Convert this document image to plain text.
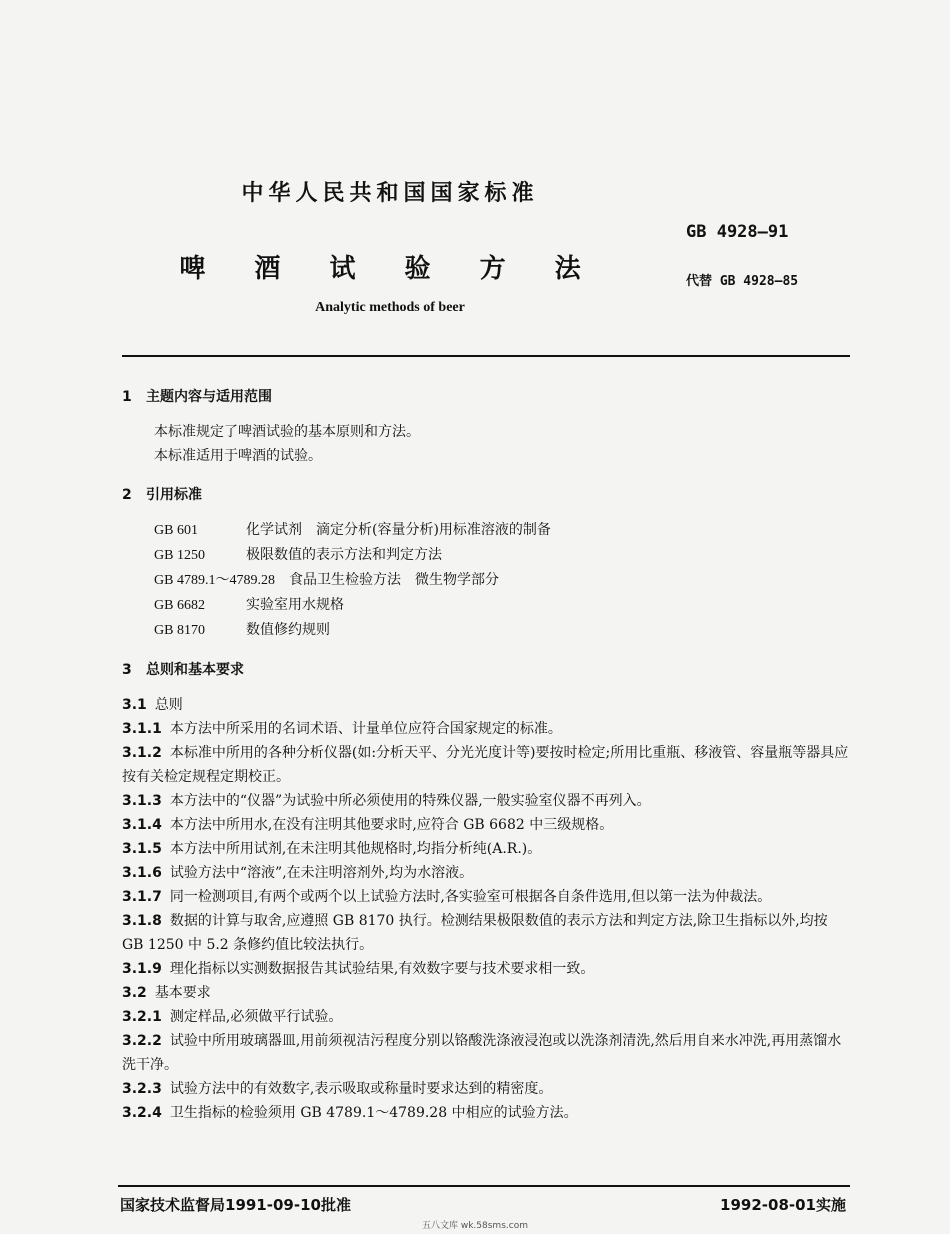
中华人民共和国国家标准
GB 4928—91
啤 酒 试 验 方 法	代替 GB 4928—85
Analytic methods of beer

1 主题内容与适用范围

本标准规定了啤酒试验的基本原则和方法。

本标准适用于啤酒的试验。

2 引用标准

GB 601　	化学试剂　滴定分析(容量分析)用标准溶液的制备

GB 1250　	极限数值的表示方法和判定方法

GB 4789.1～4789.28　 食品卫生检验方法　微生物学部分

GB 6682　	实验室用水规格

GB 8170　	数值修约规则

3 总则和基本要求

3.1 总则

3.1.1 本方法中所采用的名词术语、计量单位应符合国家规定的标准。

3.1.2 本标准中所用的各种分析仪器(如:分析天平、分光光度计等)要按时检定;所用比重瓶、移液管、容量瓶等器具应按有关检定规程定期校正。

3.1.3 本方法中的“仪器”为试验中所必须使用的特殊仪器,一般实验室仪器不再列入。

3.1.4 本方法中所用水,在没有注明其他要求时,应符合 GB 6682 中三级规格。

3.1.5 本方法中所用试剂,在未注明其他规格时,均指分析纯(A.R.)。

3.1.6 试验方法中“溶液”,在未注明溶剂外,均为水溶液。

3.1.7 同一检测项目,有两个或两个以上试验方法时,各实验室可根据各自条件选用,但以第一法为仲裁法。

3.1.8 数据的计算与取舍,应遵照 GB 8170 执行。检测结果极限数值的表示方法和判定方法,除卫生指标以外,均按 GB 1250 中 5.2 条修约值比较法执行。

3.1.9 理化指标以实测数据报告其试验结果,有效数字要与技术要求相一致。

3.2 基本要求

3.2.1 测定样品,必须做平行试验。

3.2.2 试验中所用玻璃器皿,用前须视洁污程度分别以铬酸洗涤液浸泡或以洗涤剂清洗,然后用自来水冲洗,再用蒸馏水洗干净。

3.2.3 试验方法中的有效数字,表示吸取或称量时要求达到的精密度。

3.2.4 卫生指标的检验须用 GB 4789.1～4789.28 中相应的试验方法。

国家技术监督局1991-09-10批准	1992-08-01实施
五八文库 wk.58sms.com
